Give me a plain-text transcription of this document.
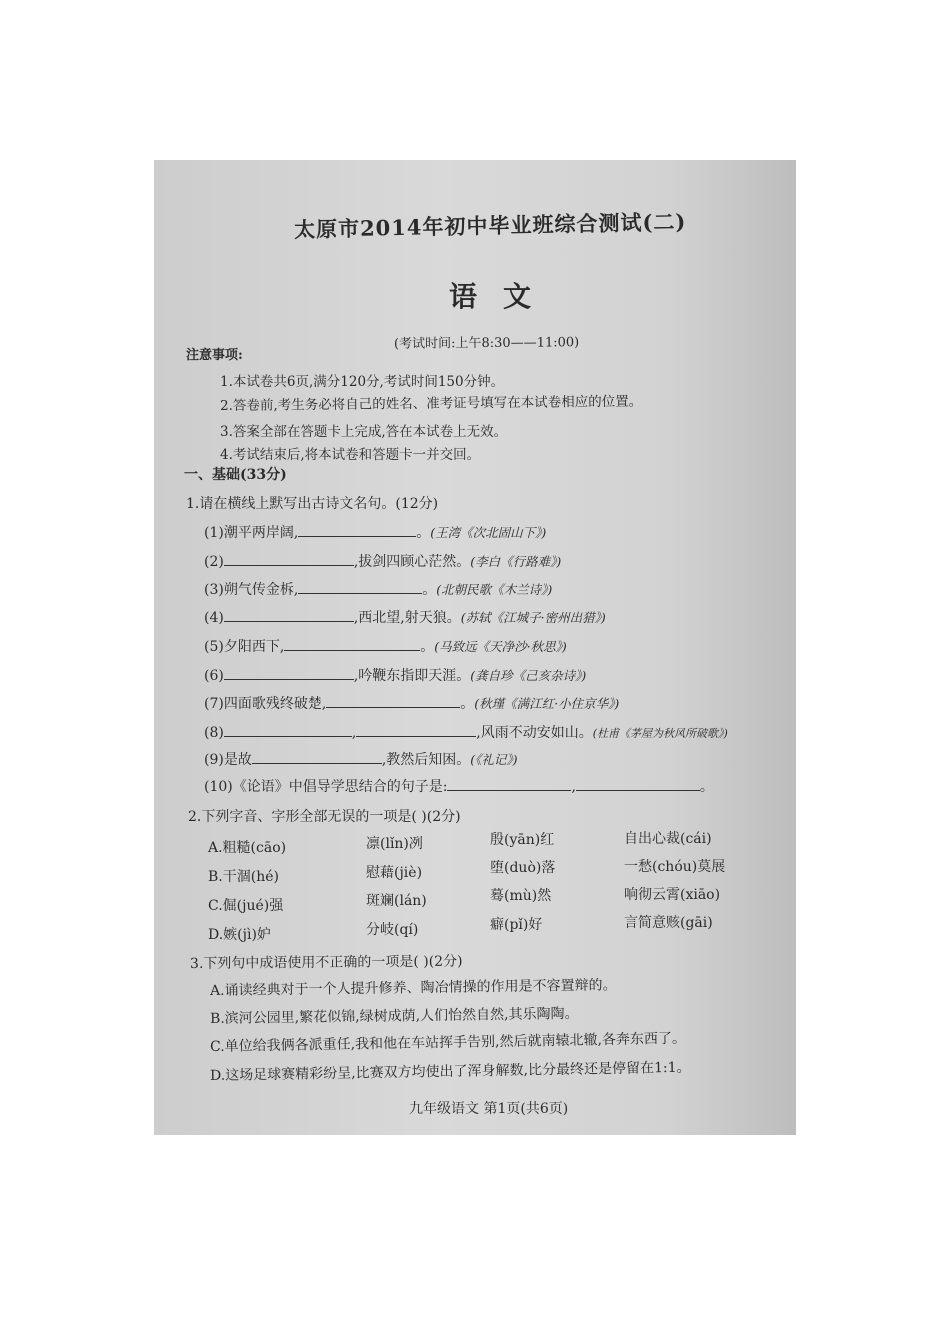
太原市2014年初中毕业班综合测试(二)
语文
(考试时间:上午8:30——11:00)
注意事项:
1.本试卷共6页,满分120分,考试时间150分钟。
2.答卷前,考生务必将自己的姓名、准考证号填写在本试卷相应的位置。
3.答案全部在答题卡上完成,答在本试卷上无效。
4.考试结束后,将本试卷和答题卡一并交回。
一、基础(33分)
1.请在横线上默写出古诗文名句。(12分)
(1)潮平两岸阔,	。(王湾《次北固山下》)
(2)	,拔剑四顾心茫然。(李白《行路难》)
(3)朔气传金柝,	。(北朝民歌《木兰诗》)
(4)	,西北望,射天狼。(苏轼《江城子·密州出猎》)
(5)夕阳西下,	。(马致远《天净沙·秋思》)
(6)	,吟鞭东指即天涯。(龚自珍《己亥杂诗》)
(7)四面歌残终破楚,	。(秋瑾《满江红·小住京华》)
(8)	,	,风雨不动安如山。(杜甫《茅屋为秋风所破歌》)
(9)是故	,教然后知困。(《礼记》)
(10)《论语》中倡导学思结合的句子是:	,	。
2.下列字音、字形全部无误的一项是( )(2分)
A.粗糙(cāo)	凛(lǐn)冽	殷(yān)红	自出心裁(cái)
B.干涸(hé)	慰藉(jiè)	堕(duò)落	一愁(chóu)莫展
C.倔(jué)强	斑斓(lán)	蓦(mù)然	响彻云霄(xiāo)
D.嫉(jì)妒	分岐(qí)	癖(pǐ)好	言简意赅(gāi)
3.下列句中成语使用不正确的一项是( )(2分)
A.诵读经典对于一个人提升修养、陶冶情操的作用是不容置辩的。
B.滨河公园里,繁花似锦,绿树成荫,人们怡然自然,其乐陶陶。
C.单位给我俩各派重任,我和他在车站挥手告别,然后就南辕北辙,各奔东西了。
D.这场足球赛精彩纷呈,比赛双方均使出了浑身解数,比分最终还是停留在1:1。
九年级语文 第1页(共6页)
